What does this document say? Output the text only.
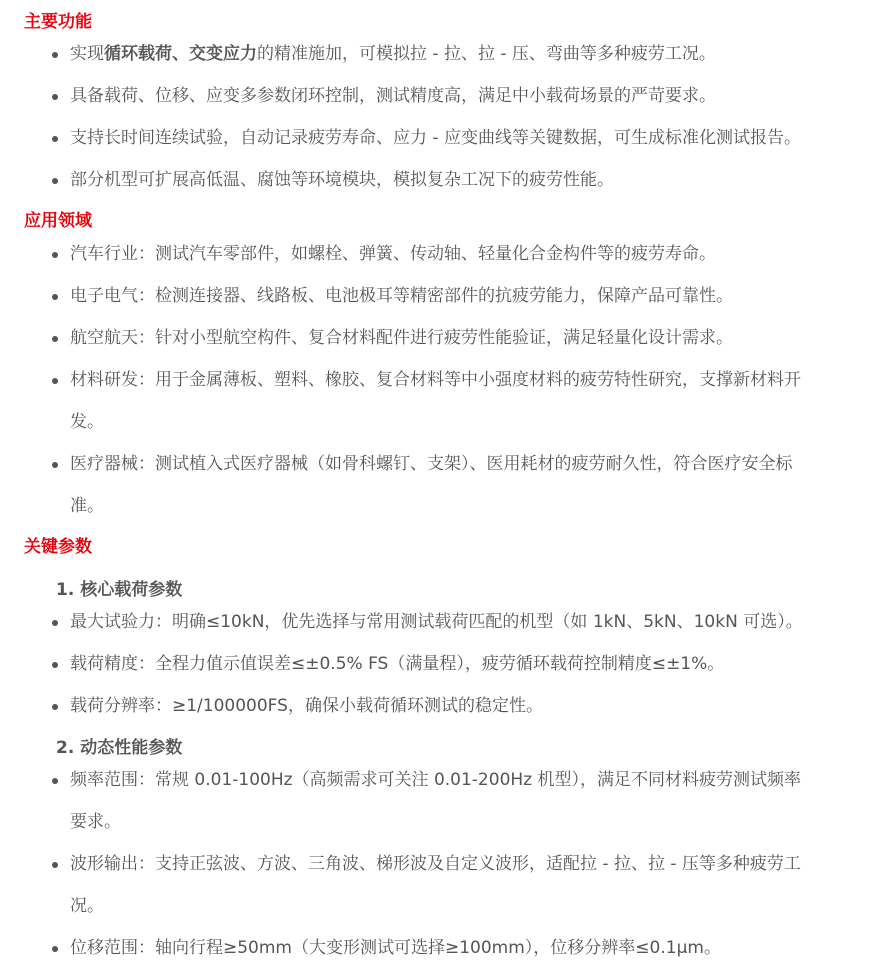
主要功能
实现循环载荷、交变应力的精准施加，可模拟拉 - 拉、拉 - 压、弯曲等多种疲劳工况。
具备载荷、位移、应变多参数闭环控制，测试精度高，满足中小载荷场景的严苛要求。
支持长时间连续试验，自动记录疲劳寿命、应力 - 应变曲线等关键数据，可生成标准化测试报告。
部分机型可扩展高低温、腐蚀等环境模块，模拟复杂工况下的疲劳性能。
应用领域
汽车行业：测试汽车零部件，如螺栓、弹簧、传动轴、轻量化合金构件等的疲劳寿命。
电子电气：检测连接器、线路板、电池极耳等精密部件的抗疲劳能力，保障产品可靠性。
航空航天：针对小型航空构件、复合材料配件进行疲劳性能验证，满足轻量化设计需求。
材料研发：用于金属薄板、塑料、橡胶、复合材料等中小强度材料的疲劳特性研究，支撑新材料开
发。
医疗器械：测试植入式医疗器械（如骨科螺钉、支架）、医用耗材的疲劳耐久性，符合医疗安全标
准。
关键参数
1. 核心载荷参数
最大试验力：明确≤10kN，优先选择与常用测试载荷匹配的机型（如 1kN、5kN、10kN 可选）。
载荷精度：全程力值示值误差≤±0.5% FS（满量程），疲劳循环载荷控制精度≤±1%。
载荷分辨率：≥1/100000FS，确保小载荷循环测试的稳定性。
2. 动态性能参数
频率范围：常规 0.01-100Hz（高频需求可关注 0.01-200Hz 机型），满足不同材料疲劳测试频率
要求。
波形输出：支持正弦波、方波、三角波、梯形波及自定义波形，适配拉 - 拉、拉 - 压等多种疲劳工
况。
位移范围：轴向行程≥50mm（大变形测试可选择≥100mm），位移分辨率≤0.1μm。
